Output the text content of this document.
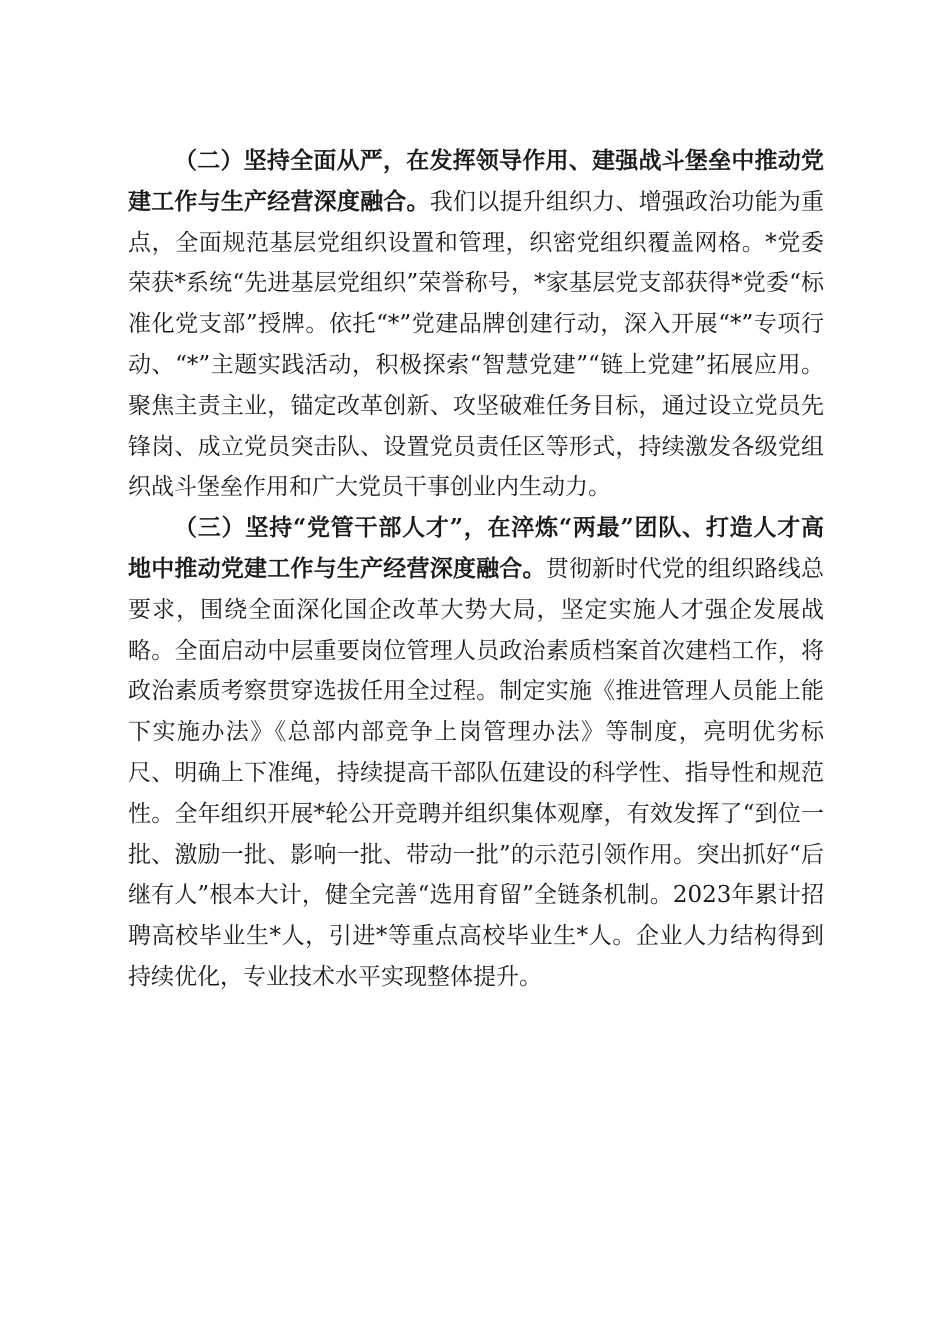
（二）坚持全面从严，在发挥领导作用、建强战斗堡垒中推动党建工作与生产经营深度融合。我们以提升组织力、增强政治功能为重点，全面规范基层党组织设置和管理，织密党组织覆盖网格。*党委荣获*系统“先进基层党组织”荣誉称号，*家基层党支部获得*党委“标准化党支部”授牌。依托“*”党建品牌创建行动，深入开展“*”专项行动、“*”主题实践活动，积极探索“智慧党建”“链上党建”拓展应用。聚焦主责主业，锚定改革创新、攻坚破难任务目标，通过设立党员先锋岗、成立党员突击队、设置党员责任区等形式，持续激发各级党组织战斗堡垒作用和广大党员干事创业内生动力。

（三）坚持“党管干部人才”，在淬炼“两最”团队、打造人才高地中推动党建工作与生产经营深度融合。贯彻新时代党的组织路线总要求，围绕全面深化国企改革大势大局，坚定实施人才强企发展战略。全面启动中层重要岗位管理人员政治素质档案首次建档工作，将政治素质考察贯穿选拔任用全过程。制定实施《推进管理人员能上能下实施办法》《总部内部竞争上岗管理办法》等制度，亮明优劣标尺、明确上下准绳，持续提高干部队伍建设的科学性、指导性和规范性。全年组织开展*轮公开竞聘并组织集体观摩，有效发挥了“到位一批、激励一批、影响一批、带动一批”的示范引领作用。突出抓好“后继有人”根本大计，健全完善“选用育留”全链条机制。2023年累计招聘高校毕业生*人，引进*等重点高校毕业生*人。企业人力结构得到持续优化，专业技术水平实现整体提升。
